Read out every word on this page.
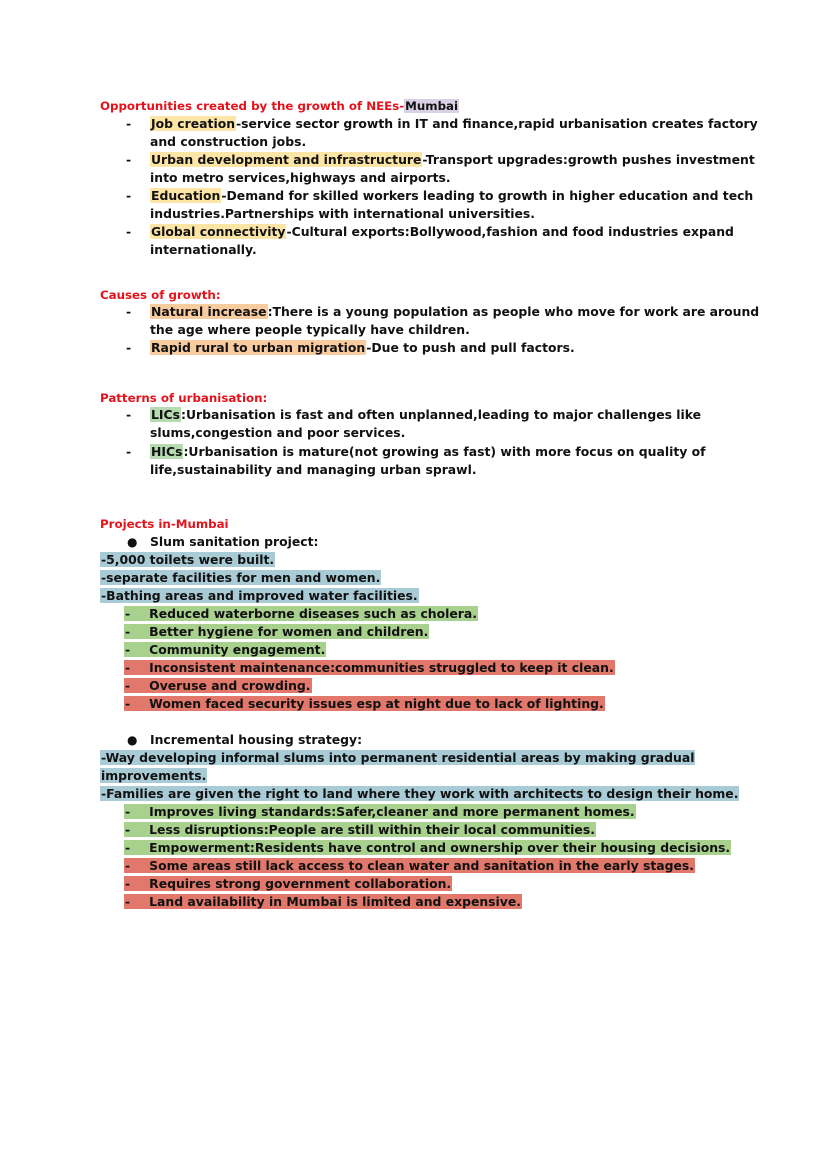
Opportunities created by the growth of NEEs-Mumbai
-	Job creation-service sector growth in IT and finance,rapid urbanisation creates factory
and construction jobs.
-	Urban development and infrastructure-Transport upgrades:growth pushes investment
into metro services,highways and airports.
-	Education-Demand for skilled workers leading to growth in higher education and tech
industries.Partnerships with international universities.
-	Global connectivity-Cultural exports:Bollywood,fashion and food industries expand
internationally.
Causes of growth:
-	Natural increase:There is a young population as people who move for work are around
the age where people typically have children.
-	Rapid rural to urban migration-Due to push and pull factors.
Patterns of urbanisation:
-	LICs:Urbanisation is fast and often unplanned,leading to major challenges like
slums,congestion and poor services.
-	HICs:Urbanisation is mature(not growing as fast) with more focus on quality of
life,sustainability and managing urban sprawl.
Projects in-Mumbai
● Slum sanitation project:
-5,000 toilets were built.
-separate facilities for men and women.
-Bathing areas and improved water facilities.
- Reduced waterborne diseases such as cholera.
- Better hygiene for women and children.
- Community engagement.
- Inconsistent maintenance:communities struggled to keep it clean.
- Overuse and crowding.
- Women faced security issues esp at night due to lack of lighting.
● Incremental housing strategy:
-Way developing informal slums into permanent residential areas by making gradual
improvements.
-Families are given the right to land where they work with architects to design their home.
- Improves living standards:Safer,cleaner and more permanent homes.
- Less disruptions:People are still within their local communities.
- Empowerment:Residents have control and ownership over their housing decisions.
- Some areas still lack access to clean water and sanitation in the early stages.
- Requires strong government collaboration.
- Land availability in Mumbai is limited and expensive.
